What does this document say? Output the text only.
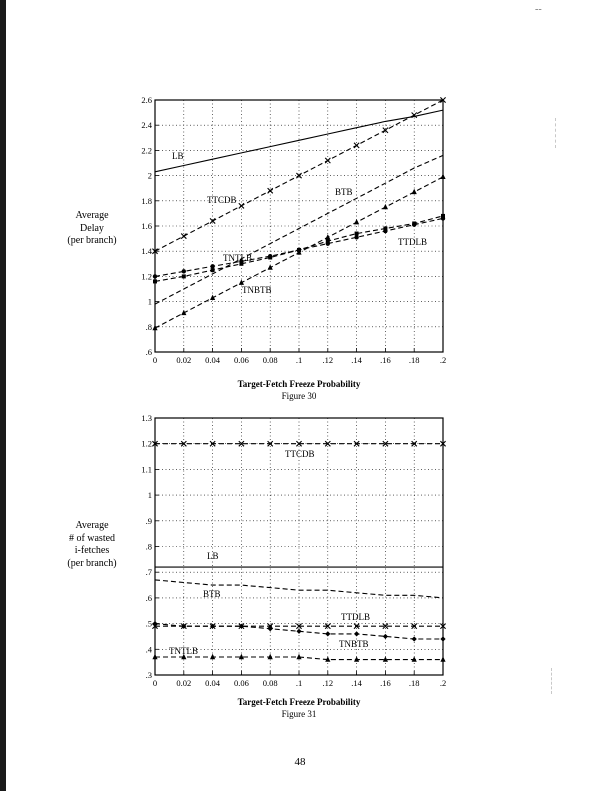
--
Average
Delay
(per branch)
0 0.02 0.04 0.06 0.08 .1 .12 .14 .16 .18 .2
.6
.8
1
1.2
1.4
1.6
1.8
2
2.2
2.4
2.6
LB
TTCDB
BTB
TNTLB
TNBTB
TTDLB
Target-Fetch Freeze Probability
Figure 30
Average
# of wasted
i-fetches
(per branch)
0 0.02 0.04 0.06 0.08 .1 .12 .14 .16 .18 .2
.3
.4
.5
.6
.7
.8
.9
1
1.1
1.2
1.3
TTCDB
LB
BTB
TTDLB
TNBTB
TNTLB
Target-Fetch Freeze Probability
Figure 31
48
